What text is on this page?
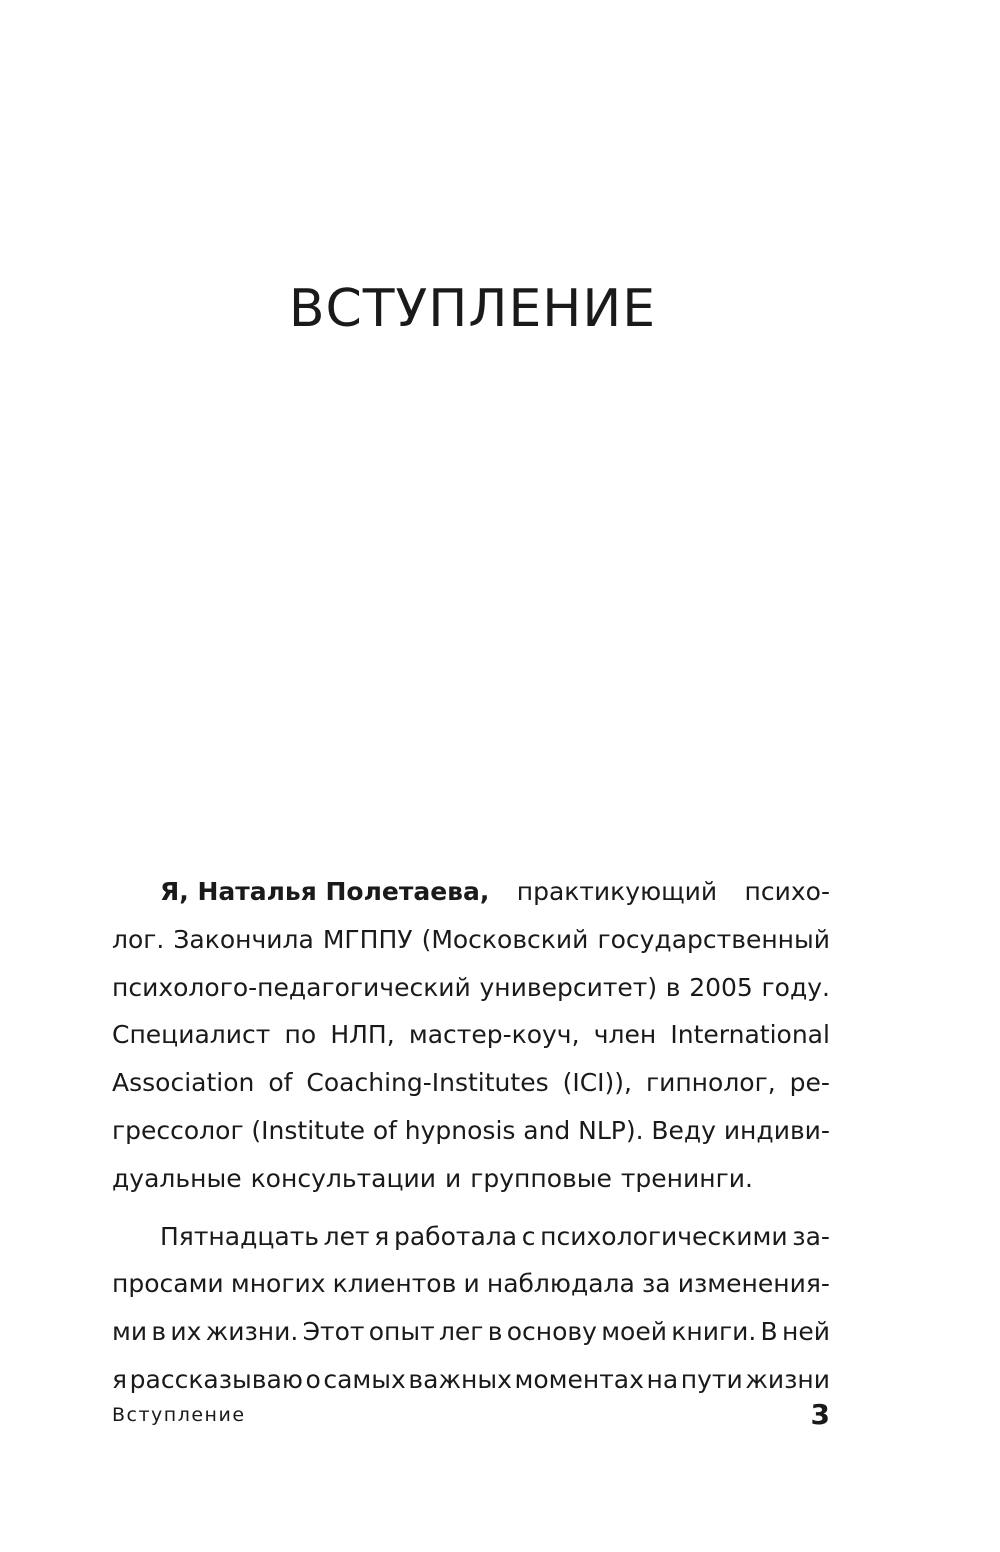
ВСТУПЛЕНИЕ
Я, Наталья Полетаева, практикующий психо-
лог. Закончила МГППУ (Московский государственный
психолого-педагогический университет) в 2005 году.
Специалист по НЛП, мастер-коуч, член International
Association of Coaching-Institutes (ICI)), гипнолог, ре-
грессолог (Institute of hypnosis and NLP). Веду индиви-
дуальные консультации и групповые тренинги.
Пятнадцать лет я работала с психологическими за-
просами многих клиентов и наблюдала за изменения-
ми в их жизни. Этот опыт лег в основу моей книги. В ней
я рассказываю о самых важных моментах на пути жизни
Вступление	3
